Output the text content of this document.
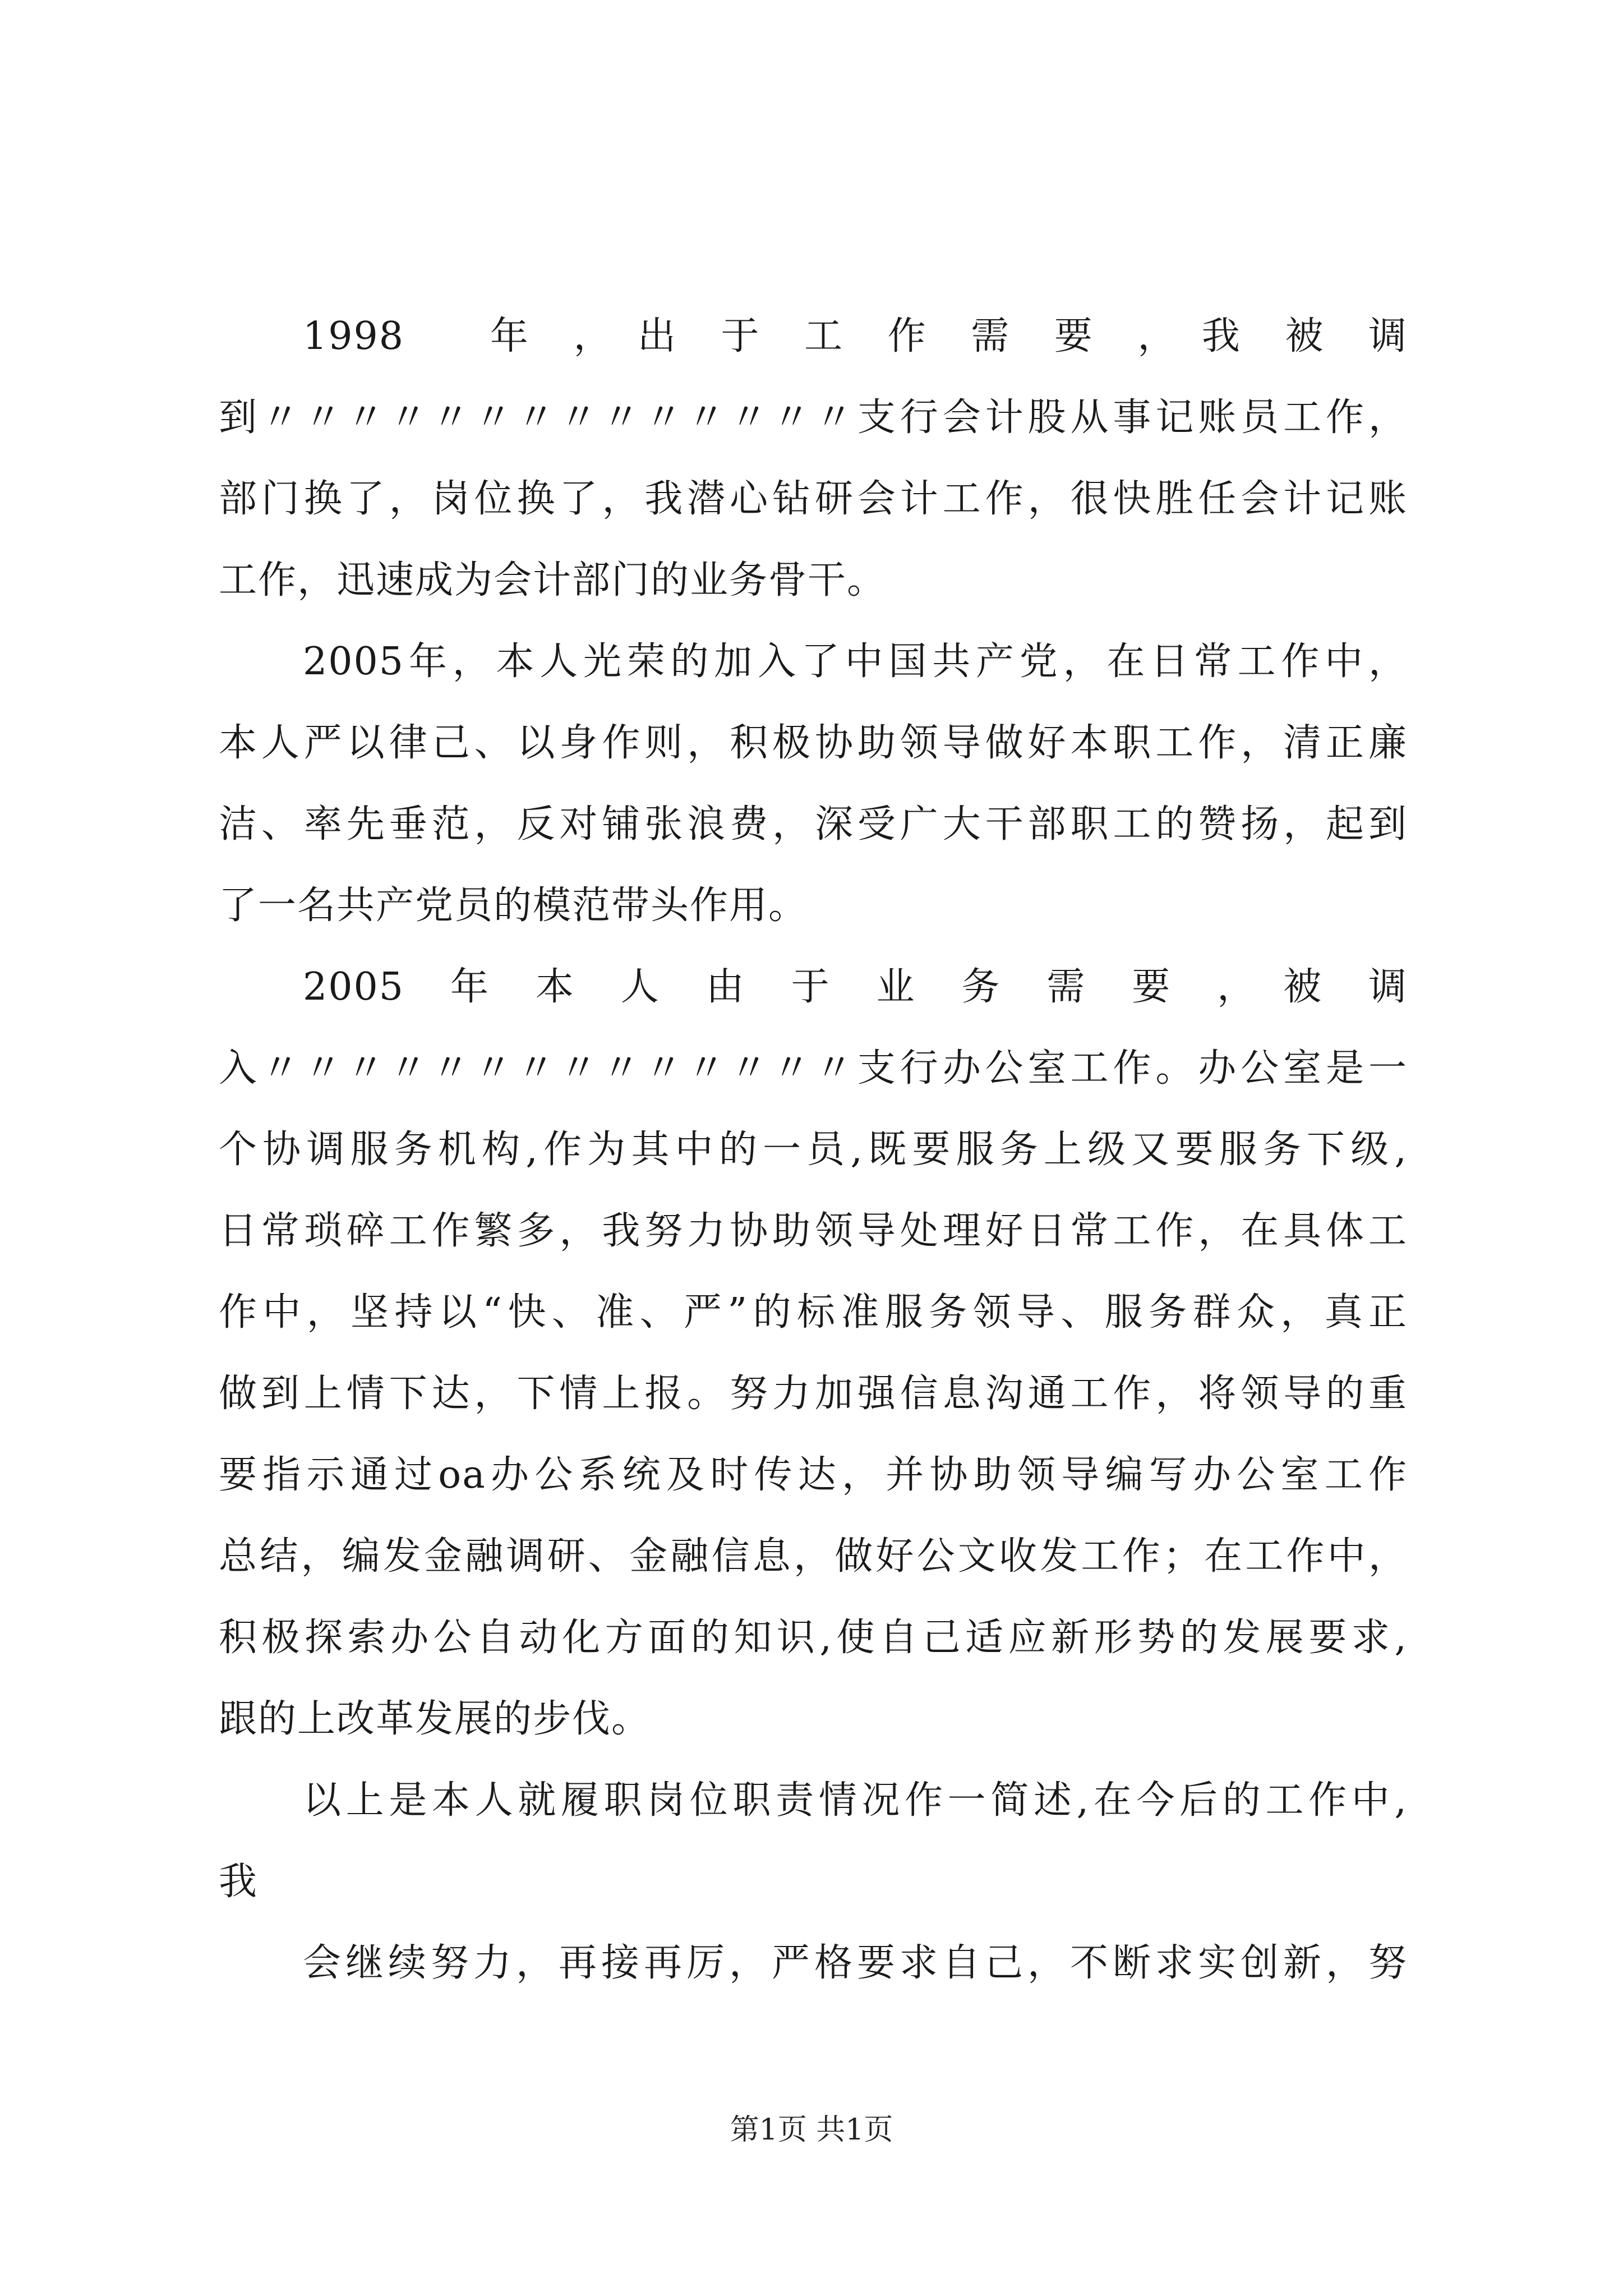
1998　　年　，　出　于　工　作　需　要　，　我　被　调
到〃〃〃〃〃〃〃〃〃〃〃〃〃〃支行会计股从事记账员工作，
部门换了，岗位换了，我潜心钻研会计工作，很快胜任会计记账
工作，迅速成为会计部门的业务骨干。
2005年，本人光荣的加入了中国共产党，在日常工作中，
本人严以律己、以身作则，积极协助领导做好本职工作，清正廉
洁、率先垂范，反对铺张浪费，深受广大干部职工的赞扬，起到
了一名共产党员的模范带头作用。
2005　年　本　人　由　于　业　务　需　要　，　被　调
入〃〃〃〃〃〃〃〃〃〃〃〃〃〃支行办公室工作。办公室是一
个协调服务机构,作为其中的一员,既要服务上级又要服务下级,
日常琐碎工作繁多，我努力协助领导处理好日常工作，在具体工
作中，坚持以“快、准、严”的标准服务领导、服务群众，真正
做到上情下达，下情上报。努力加强信息沟通工作，将领导的重
要指示通过oa办公系统及时传达，并协助领导编写办公室工作
总结，编发金融调研、金融信息，做好公文收发工作；在工作中，
积极探索办公自动化方面的知识,使自己适应新形势的发展要求,
跟的上改革发展的步伐。
以上是本人就履职岗位职责情况作一简述,在今后的工作中,
我
会继续努力，再接再厉，严格要求自己，不断求实创新，努
第1页 共1页
